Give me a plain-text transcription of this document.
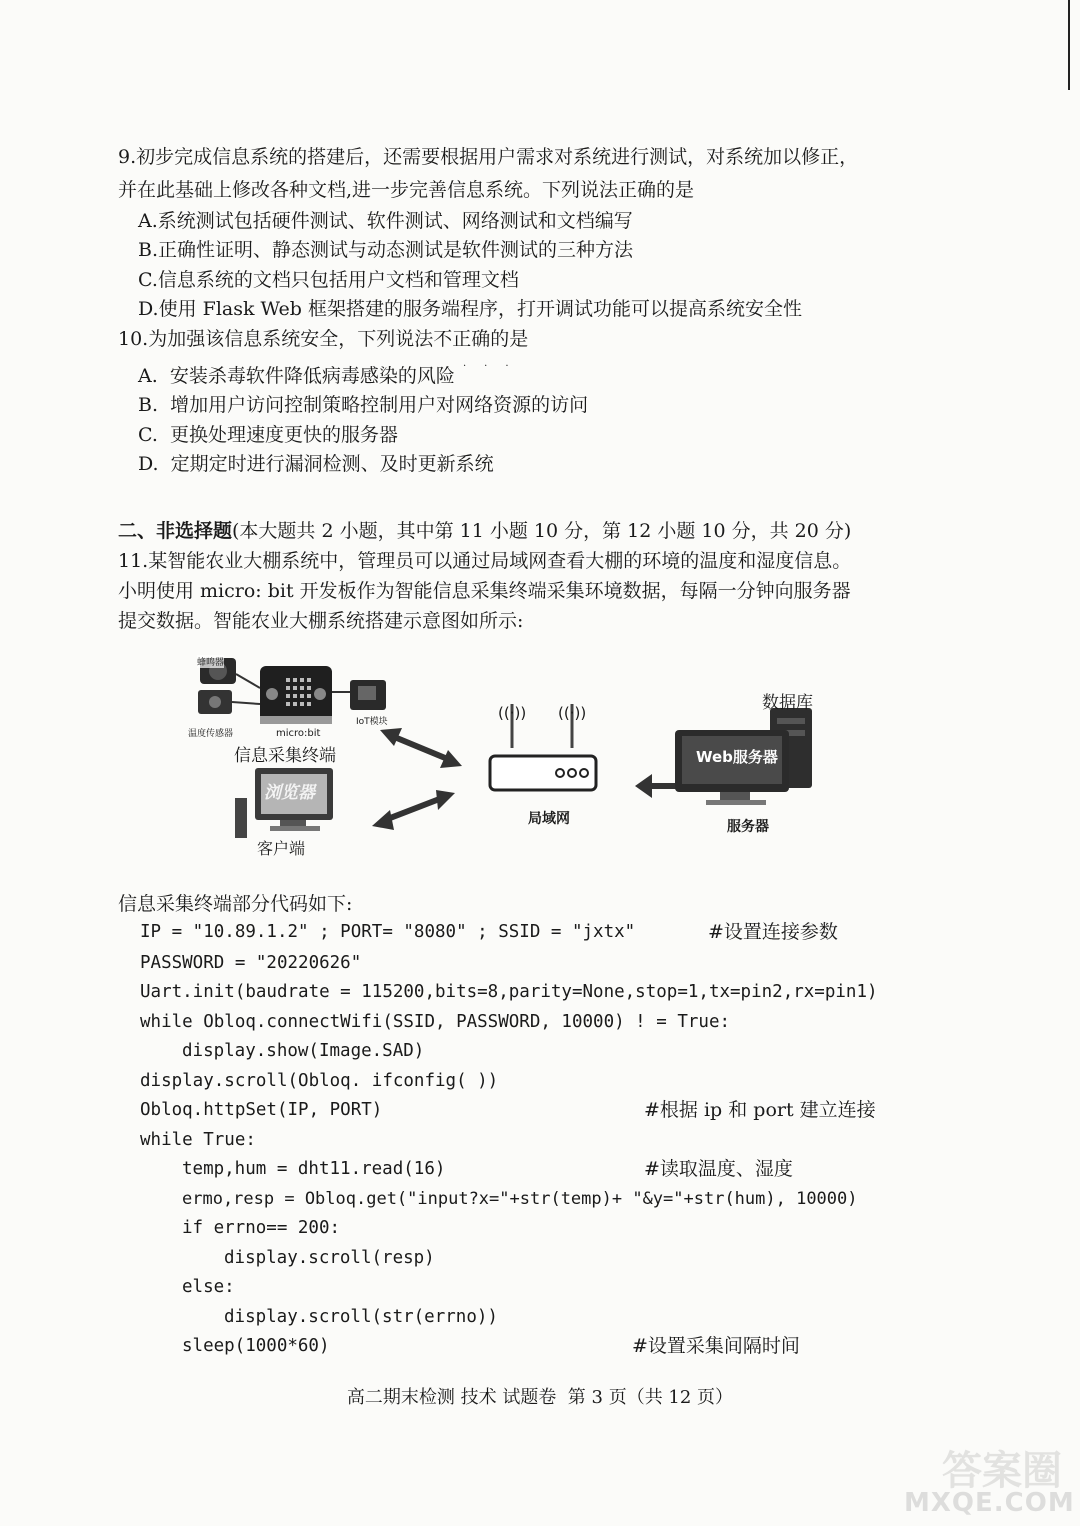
9.初步完成信息系统的搭建后，还需要根据用户需求对系统进行测试，对系统加以修正，
并在此基础上修改各种文档,进一步完善信息系统。下列说法正确的是
A.系统测试包括硬件测试、软件测试、网络测试和文档编写
B.正确性证明、静态测试与动态测试是软件测试的三种方法
C.信息系统的文档只包括用户文档和管理文档
D.使用 Flask Web 框架搭建的服务端程序，打开调试功能可以提高系统安全性
10.为加强该信息系统安全，下列说法不正确的是
...
A.  安装杀毒软件降低病毒感染的风险
B.  增加用户访问控制策略控制用户对网络资源的访问
C.  更换处理速度更快的服务器
D.  定期定时进行漏洞检测、及时更新系统
二、非选择题(本大题共 2 小题，其中第 11 小题 10 分，第 12 小题 10 分，共 20 分)
11.某智能农业大棚系统中，管理员可以通过局域网查看大棚的环境的温度和湿度信息。
小明使用 micro: bit 开发板作为智能信息采集终端采集环境数据，每隔一分钟向服务器
提交数据。智能农业大棚系统搭建示意图如所示:
蜂鸣器
温度传感器	micro:bit
IoT模块
信息采集终端
浏览器
客户端
((·)) ((·))
局域网
数据库
Web服务器
服务器
信息采集终端部分代码如下:
IP = "10.89.1.2" ; PORT= "8080" ; SSID = "jxtx"	#设置连接参数
PASSWORD = "20220626"
Uart.init(baudrate = 115200,bits=8,parity=None,stop=1,tx=pin2,rx=pin1)
while Obloq.connectWifi(SSID, PASSWORD, 10000) ! = True:
display.show(Image.SAD)
display.scroll(Obloq. ifconfig( ))
Obloq.httpSet(IP, PORT)	#根据 ip 和 port 建立连接
while True:
temp,hum = dht11.read(16)	#读取温度、湿度
ermo,resp = Obloq.get("input?x="+str(temp)+ "&y="+str(hum), 10000)
if errno== 200:
display.scroll(resp)
else:
display.scroll(str(errno))
sleep(1000*60)	#设置采集间隔时间
高二期末检测 技术 试题卷  第 3 页（共 12 页）
答案圈
MXQE.COM
